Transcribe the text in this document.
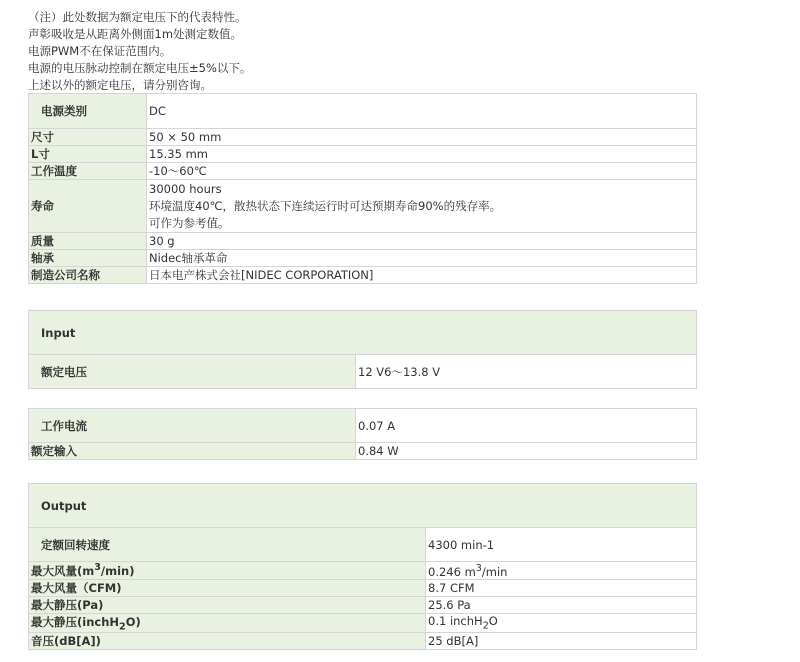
（注）此处数据为额定电压下的代表特性。
声彰吸收是从距离外侧面1m处测定数值。
电源PWM不在保证范围内。
电源的电压脉动控制在额定电压±5%以下。
上述以外的额定电压，请分别咨询。
电源类别	DC
尺寸	50 × 50 mm
L寸	15.35 mm
工作温度	-10～60℃
寿命	30000 hours
环境温度40℃，散热状态下连续运行时可达预期寿命90%的残存率。
可作为参考值。

质量	30 g
轴承	Nidec轴承革命
制造公司名称	日本电产株式会社[NIDEC CORPORATION]
Input
额定电压	12 V6～13.8 V
工作电流	0.07 A
额定输入	0.84 W
Output	
定额回转速度	4300 min-1
最大风量$(m^3/\min)$	0.246 $m^3/\min$
最大风量（CFM)	8.7 CFM
最大静压(Pa)	25.6 Pa
最大静压(inchH$_2$O)	0.1 inchH$_2$O
音压(dB[A])	25 dB[A]
